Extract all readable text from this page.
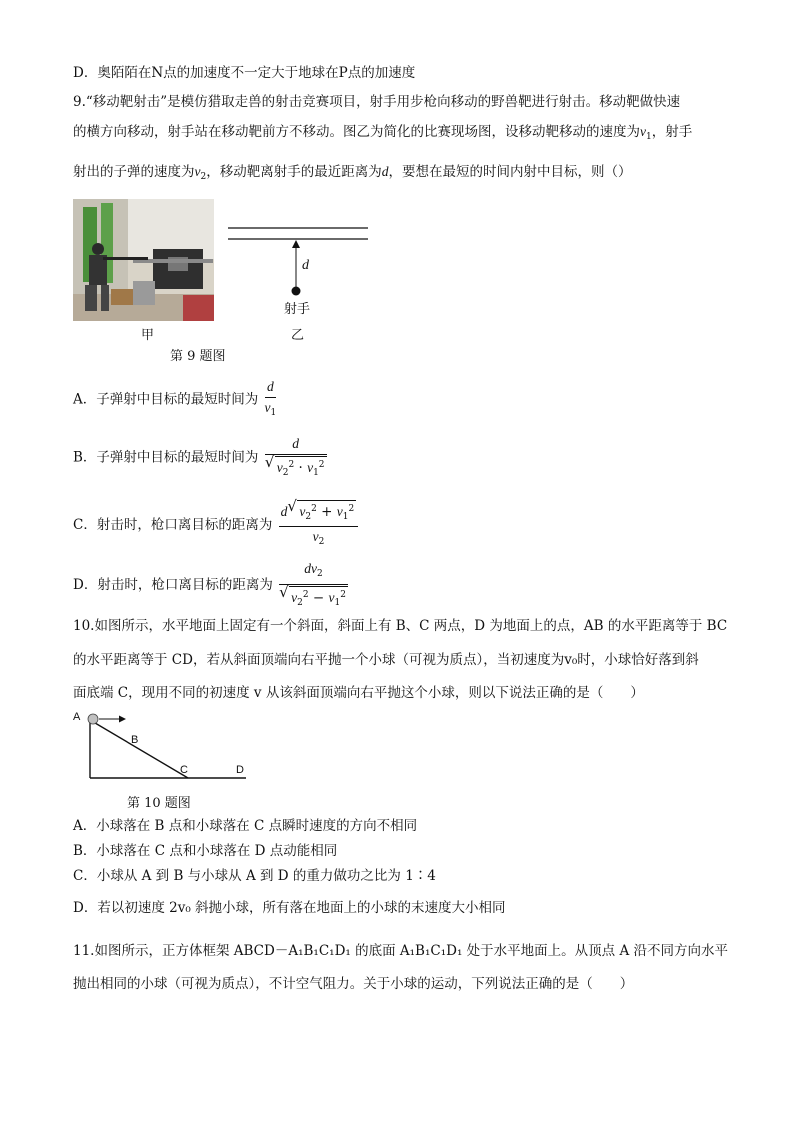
D．奥陌陌在N点的加速度不一定大于地球在P点的加速度
9.“移动靶射击”是模仿猎取走兽的射击竞赛项目，射手用步枪向移动的野兽靶进行射击。移动靶做快速
的横方向移动，射手站在移动靶前方不移动。图乙为简化的比赛现场图，设移动靶移动的速度为$v_1$，射手
射出的子弹的速度为$v_2$，移动靶离射手的最近距离为d，要想在最短的时间内射中目标，则（）
甲
d
射手
乙
第 9 题图
A．子弹射中目标的最短时间为 $\frac{d}{v_1}$
B．子弹射中目标的最短时间为 d
√ $v_2^2 \cdot v_1^2$
C．射击时，枪口离目标的距离为 $\frac{d√ v_2^2 + v_1^2}{v_2}$
D．射击时，枪口离目标的距离为 $dv_2$
√ $v_2^2 - v_1^2$
10.如图所示，水平地面上固定有一个斜面，斜面上有 B、C 两点，D 为地面上的点，AB 的水平距离等于 BC
的水平距离等于 CD，若从斜面顶端向右平抛一个小球（可视为质点），当初速度为v₀时，小球恰好落到斜
面底端 C，现用不同的初速度 v 从该斜面顶端向右平抛这个小球，则以下说法正确的是（　　）
A
B
C	D
第 10 题图
A．小球落在 B 点和小球落在 C 点瞬时速度的方向不相同
B．小球落在 C 点和小球落在 D 点动能相同
C．小球从 A 到 B 与小球从 A 到 D 的重力做功之比为 1∶4
D．若以初速度 2v₀ 斜抛小球，所有落在地面上的小球的末速度大小相同
11.如图所示，正方体框架 ABCD－A₁B₁C₁D₁ 的底面 A₁B₁C₁D₁ 处于水平地面上。从顶点 A 沿不同方向水平
抛出相同的小球（可视为质点），不计空气阻力。关于小球的运动，下列说法正确的是（　　）
